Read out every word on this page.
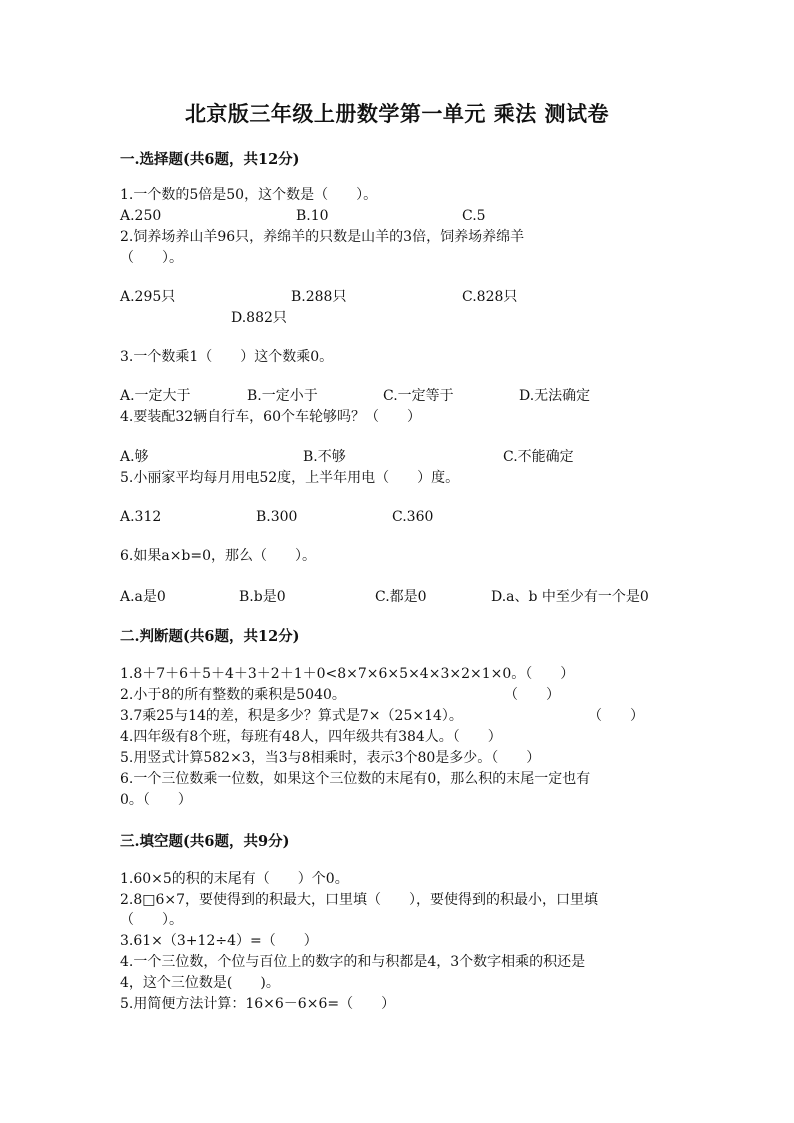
北京版三年级上册数学第一单元 乘法 测试卷
一.选择题(共6题，共12分)
1.一个数的5倍是50，这个数是（　　）。
A.250	B.10	C.5
2.饲养场养山羊96只，养绵羊的只数是山羊的3倍，饲养场养绵羊
（　　）。
A.295只	B.288只	C.828只
D.882只
3.一个数乘1（　　）这个数乘0。
A.一定大于	B.一定小于	C.一定等于	D.无法确定
4.要装配32辆自行车，60个车轮够吗？（　　）
A.够	B.不够	C.不能确定
5.小丽家平均每月用电52度，上半年用电（　　）度。
A.312	B.300	C.360
6.如果a×b=0，那么（　　）。
A.a是0	B.b是0	C.都是0	D.a、b 中至少有一个是0
二.判断题(共6题，共12分)
1.8＋7＋6＋5＋4＋3＋2＋1＋0<8×7×6×5×4×3×2×1×0。（　　）
2.小于8的所有整数的乘积是5040。	（　　）
3.7乘25与14的差，积是多少？算式是7×（25×14）。	（　　）
4.四年级有8个班，每班有48人，四年级共有384人。（　　）
5.用竖式计算582×3，当3与8相乘时，表示3个80是多少。（　　）
6.一个三位数乘一位数，如果这个三位数的末尾有0，那么积的末尾一定也有
0。（　　）
三.填空题(共6题，共9分)
1.60×5的积的末尾有（　　）个0。
2.8□6×7，要使得到的积最大，口里填（　　），要使得到的积最小，口里填
（　　）。
3.61×（3+12÷4）=（　　）
4.一个三位数，个位与百位上的数字的和与积都是4，3个数字相乘的积还是
4，这个三位数是(　　)。
5.用简便方法计算：16×6－6×6=（　　）
